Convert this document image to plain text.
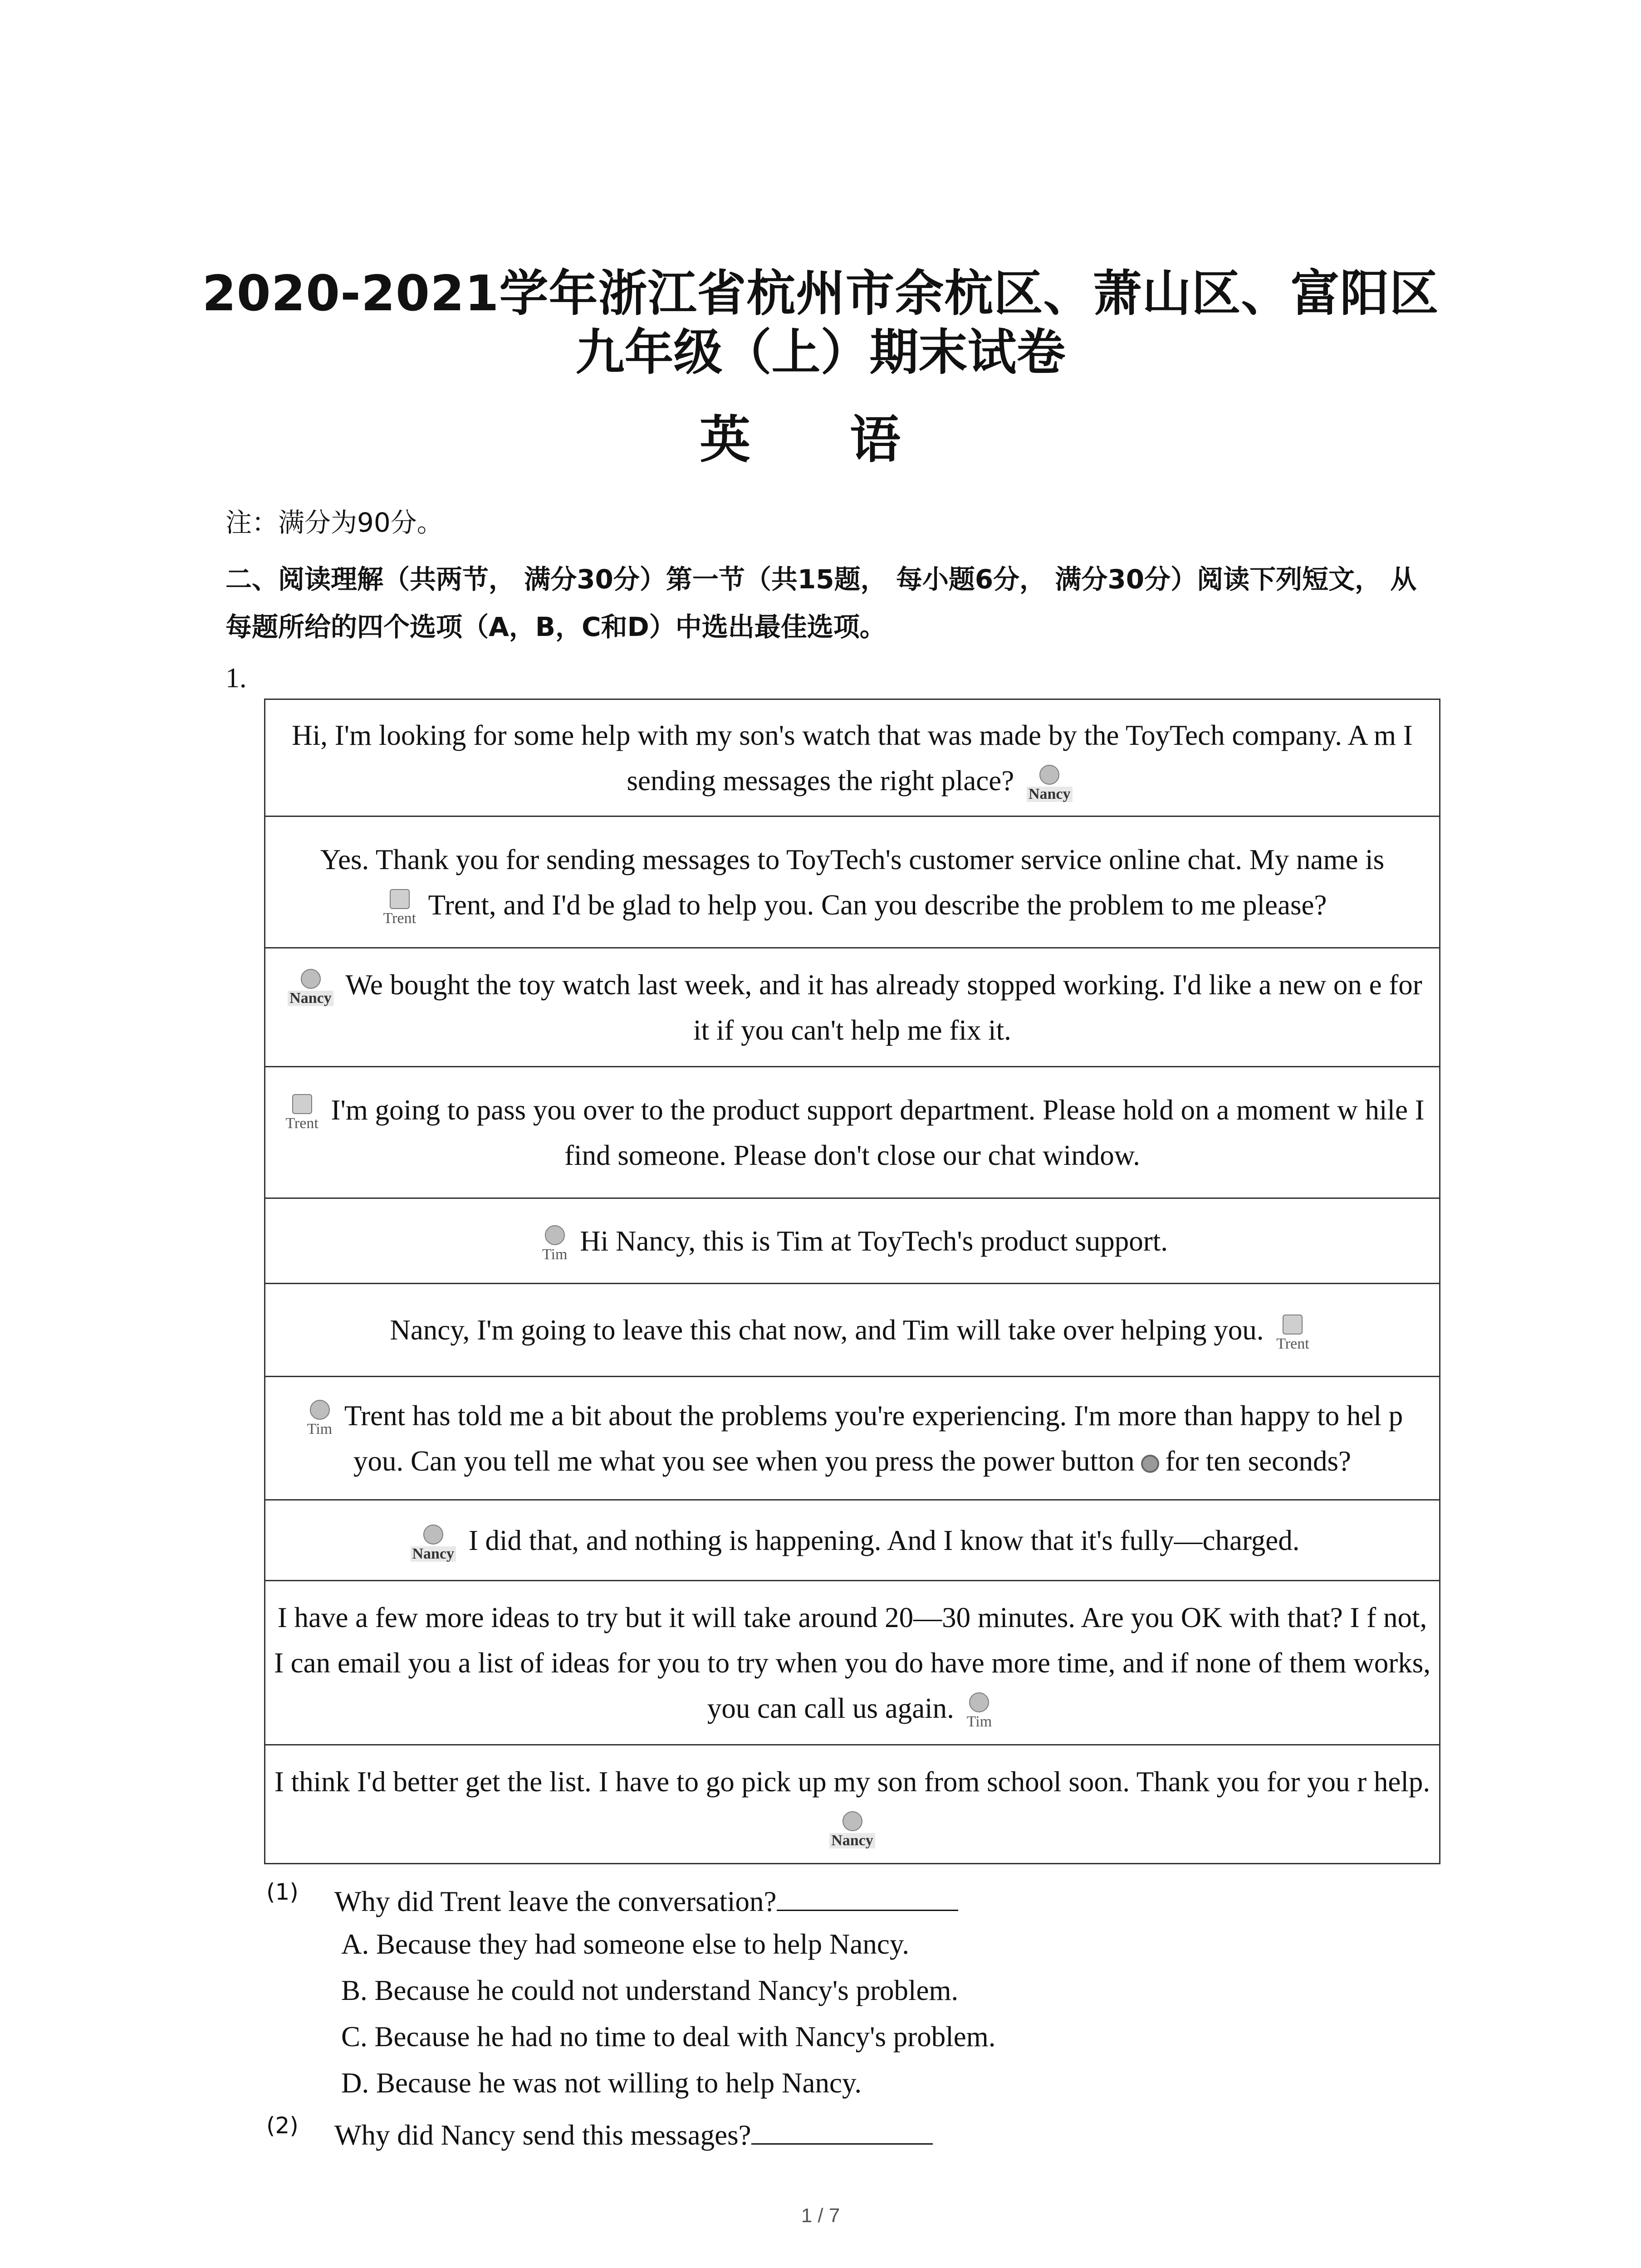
2020-2021学年浙江省杭州市余杭区、萧山区、富阳区
九年级（上）期末试卷
英 语
注：满分为90分。
二、阅读理解（共两节， 满分30分）第一节（共15题， 每小题6分， 满分30分）阅读下列短文， 从每题所给的四个选项（A，B，C和D）中选出最佳选项。
1.
Hi, I'm looking for some help with my son's watch that was made by the ToyTech company. A m I sending messages the right place? Nancy

Yes. Thank you for sending messages to ToyTech's customer service online chat. My name is

Trent Trent, and I'd be glad to help you. Can you describe the problem to me please?

Nancy We bought the toy watch last week, and it has already stopped working. I'd like a new on e for it if you can't help me fix it.

Trent I'm going to pass you over to the product support department. Please hold on a moment w hile I find someone. Please don't close our chat window.

Tim Hi Nancy, this is Tim at ToyTech's product support.
Nancy, I'm going to leave this chat now, and Tim will take over helping you. Trent

Tim Trent has told me a bit about the problems you're experiencing. I'm more than happy to hel p you. Can you tell me what you see when you press the power button for ten seconds?

Nancy I did that, and nothing is happening. And I know that it's fully—charged.
I have a few more ideas to try but it will take around 20—30 minutes. Are you OK with that? I f not, I can email you a list of ideas for you to try when you do have more time, and if none of them works, you can call us again. Tim

I think I'd better get the list. I have to go pick up my son from school soon. Thank you for you r help.
Nancy
(1) Why did Trent leave the conversation?
A. Because they had someone else to help Nancy.
B. Because he could not understand Nancy's problem.
C. Because he had no time to deal with Nancy's problem.
D. Because he was not willing to help Nancy.
(2) Why did Nancy send this messages?
1 / 7
